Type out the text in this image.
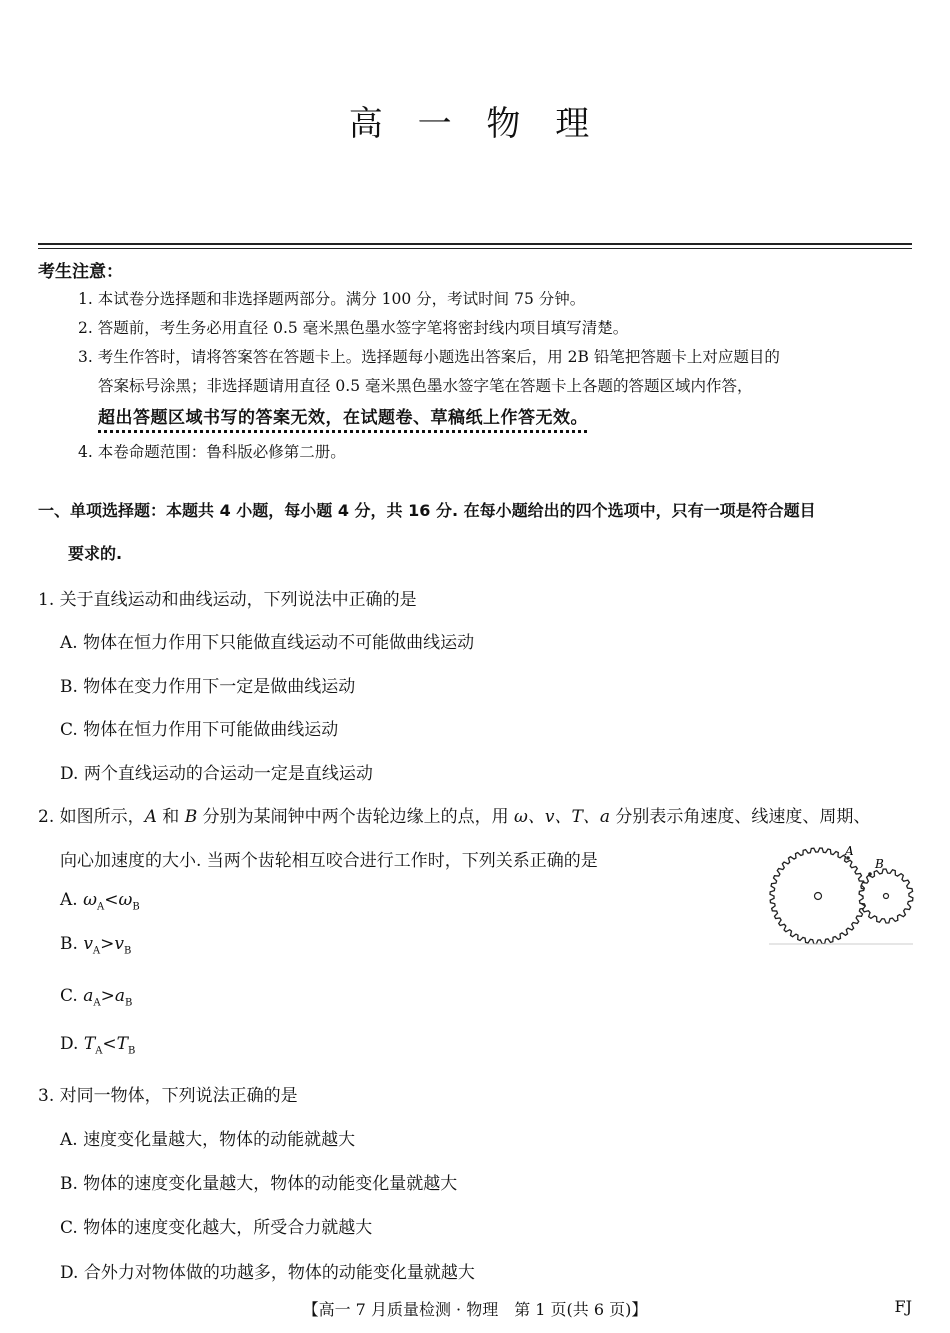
高 一 物 理
考生注意：
1. 本试卷分选择题和非选择题两部分。满分 100 分，考试时间 75 分钟。
2. 答题前，考生务必用直径 0.5 毫米黑色墨水签字笔将密封线内项目填写清楚。
3. 考生作答时，请将答案答在答题卡上。选择题每小题选出答案后，用 2B 铅笔把答题卡上对应题目的
答案标号涂黑；非选择题请用直径 0.5 毫米黑色墨水签字笔在答题卡上各题的答题区域内作答，
超出答题区域书写的答案无效，在试题卷、草稿纸上作答无效。
4. 本卷命题范围：鲁科版必修第二册。
一、单项选择题：本题共 4 小题，每小题 4 分，共 16 分. 在每小题给出的四个选项中，只有一项是符合题目
要求的.
1. 关于直线运动和曲线运动，下列说法中正确的是
A. 物体在恒力作用下只能做直线运动不可能做曲线运动
B. 物体在变力作用下一定是做曲线运动
C. 物体在恒力作用下可能做曲线运动
D. 两个直线运动的合运动一定是直线运动
2. 如图所示，A 和 B 分别为某闹钟中两个齿轮边缘上的点，用 ω、v、T、a 分别表示角速度、线速度、周期、
向心加速度的大小. 当两个齿轮相互咬合进行工作时，下列关系正确的是
A. $\omega_A<\omega_B$
B. $v_A>v_B$
C. $a_A>a_B$
D. $T_A<T_B$
A
B
3. 对同一物体，下列说法正确的是
A. 速度变化量越大，物体的动能就越大
B. 物体的速度变化量越大，物体的动能变化量就越大
C. 物体的速度变化越大，所受合力就越大
D. 合外力对物体做的功越多，物体的动能变化量就越大
【高一 7 月质量检测 · 物理　第 1 页(共 6 页)】	FJ
